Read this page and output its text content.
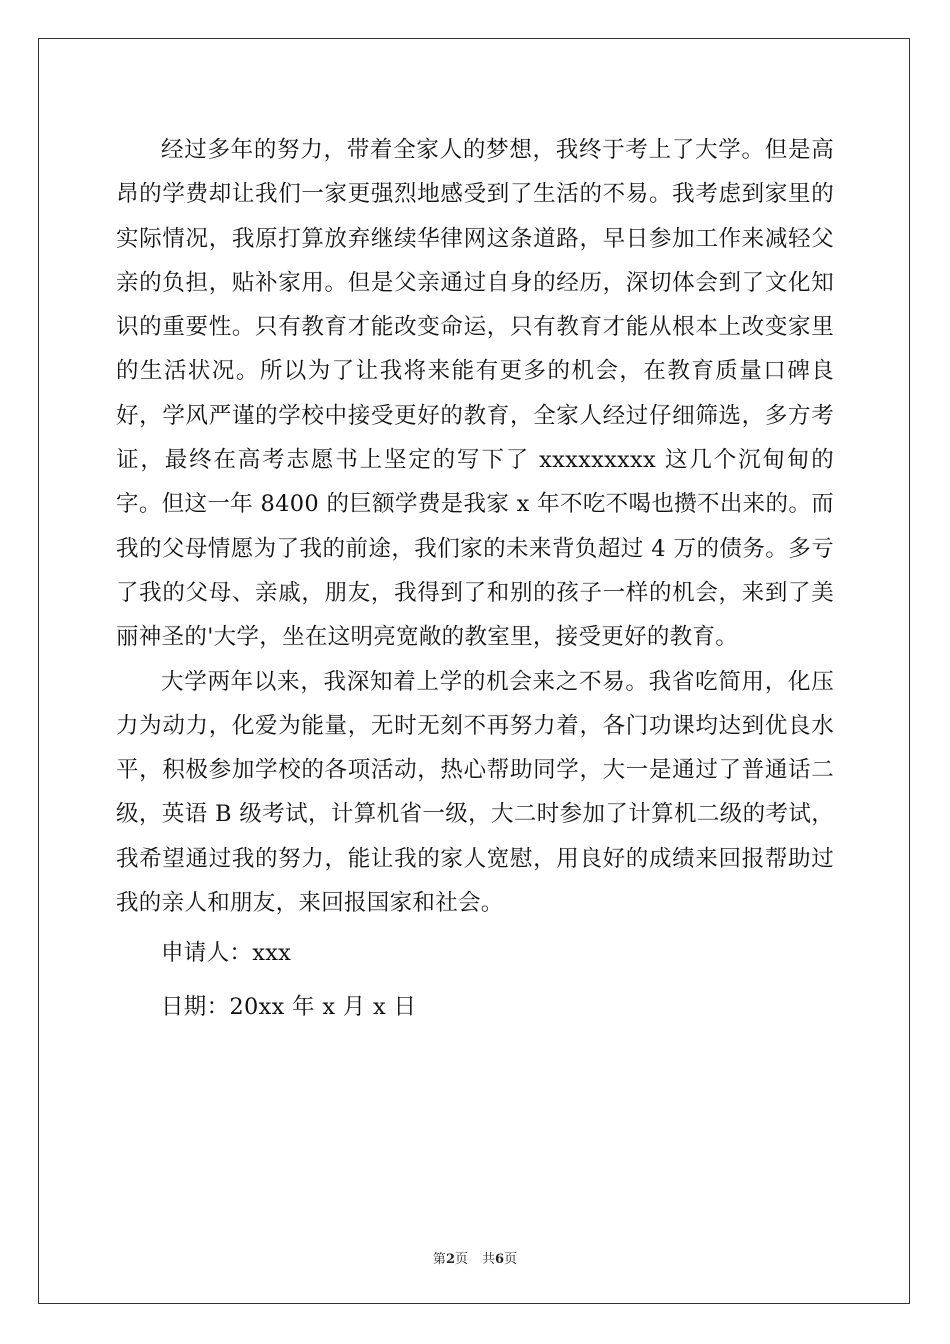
经过多年的努力，带着全家人的梦想，我终于考上了大学。但是高昂的学费却让我们一家更强烈地感受到了生活的不易。我考虑到家里的实际情况，我原打算放弃继续华律网这条道路，早日参加工作来减轻父亲的负担，贴补家用。但是父亲通过自身的经历，深切体会到了文化知识的重要性。只有教育才能改变命运，只有教育才能从根本上改变家里的生活状况。所以为了让我将来能有更多的机会，在教育质量口碑良好，学风严谨的学校中接受更好的教育，全家人经过仔细筛选，多方考证，最终在高考志愿书上坚定的写下了 xxxxxxxxx 这几个沉甸甸的字。但这一年 8400 的巨额学费是我家 x 年不吃不喝也攒不出来的。而我的父母情愿为了我的前途，我们家的未来背负超过 4 万的债务。多亏了我的父母、亲戚，朋友，我得到了和别的孩子一样的机会，来到了美丽神圣的'大学，坐在这明亮宽敞的教室里，接受更好的教育。

大学两年以来，我深知着上学的机会来之不易。我省吃简用，化压力为动力，化爱为能量，无时无刻不再努力着，各门功课均达到优良水平，积极参加学校的各项活动，热心帮助同学，大一是通过了普通话二级，英语 B 级考试，计算机省一级，大二时参加了计算机二级的考试，我希望通过我的努力，能让我的家人宽慰，用良好的成绩来回报帮助过我的亲人和朋友，来回报国家和社会。

申请人：xxx

日期：20xx 年 x 月 x 日

第2页 共6页
